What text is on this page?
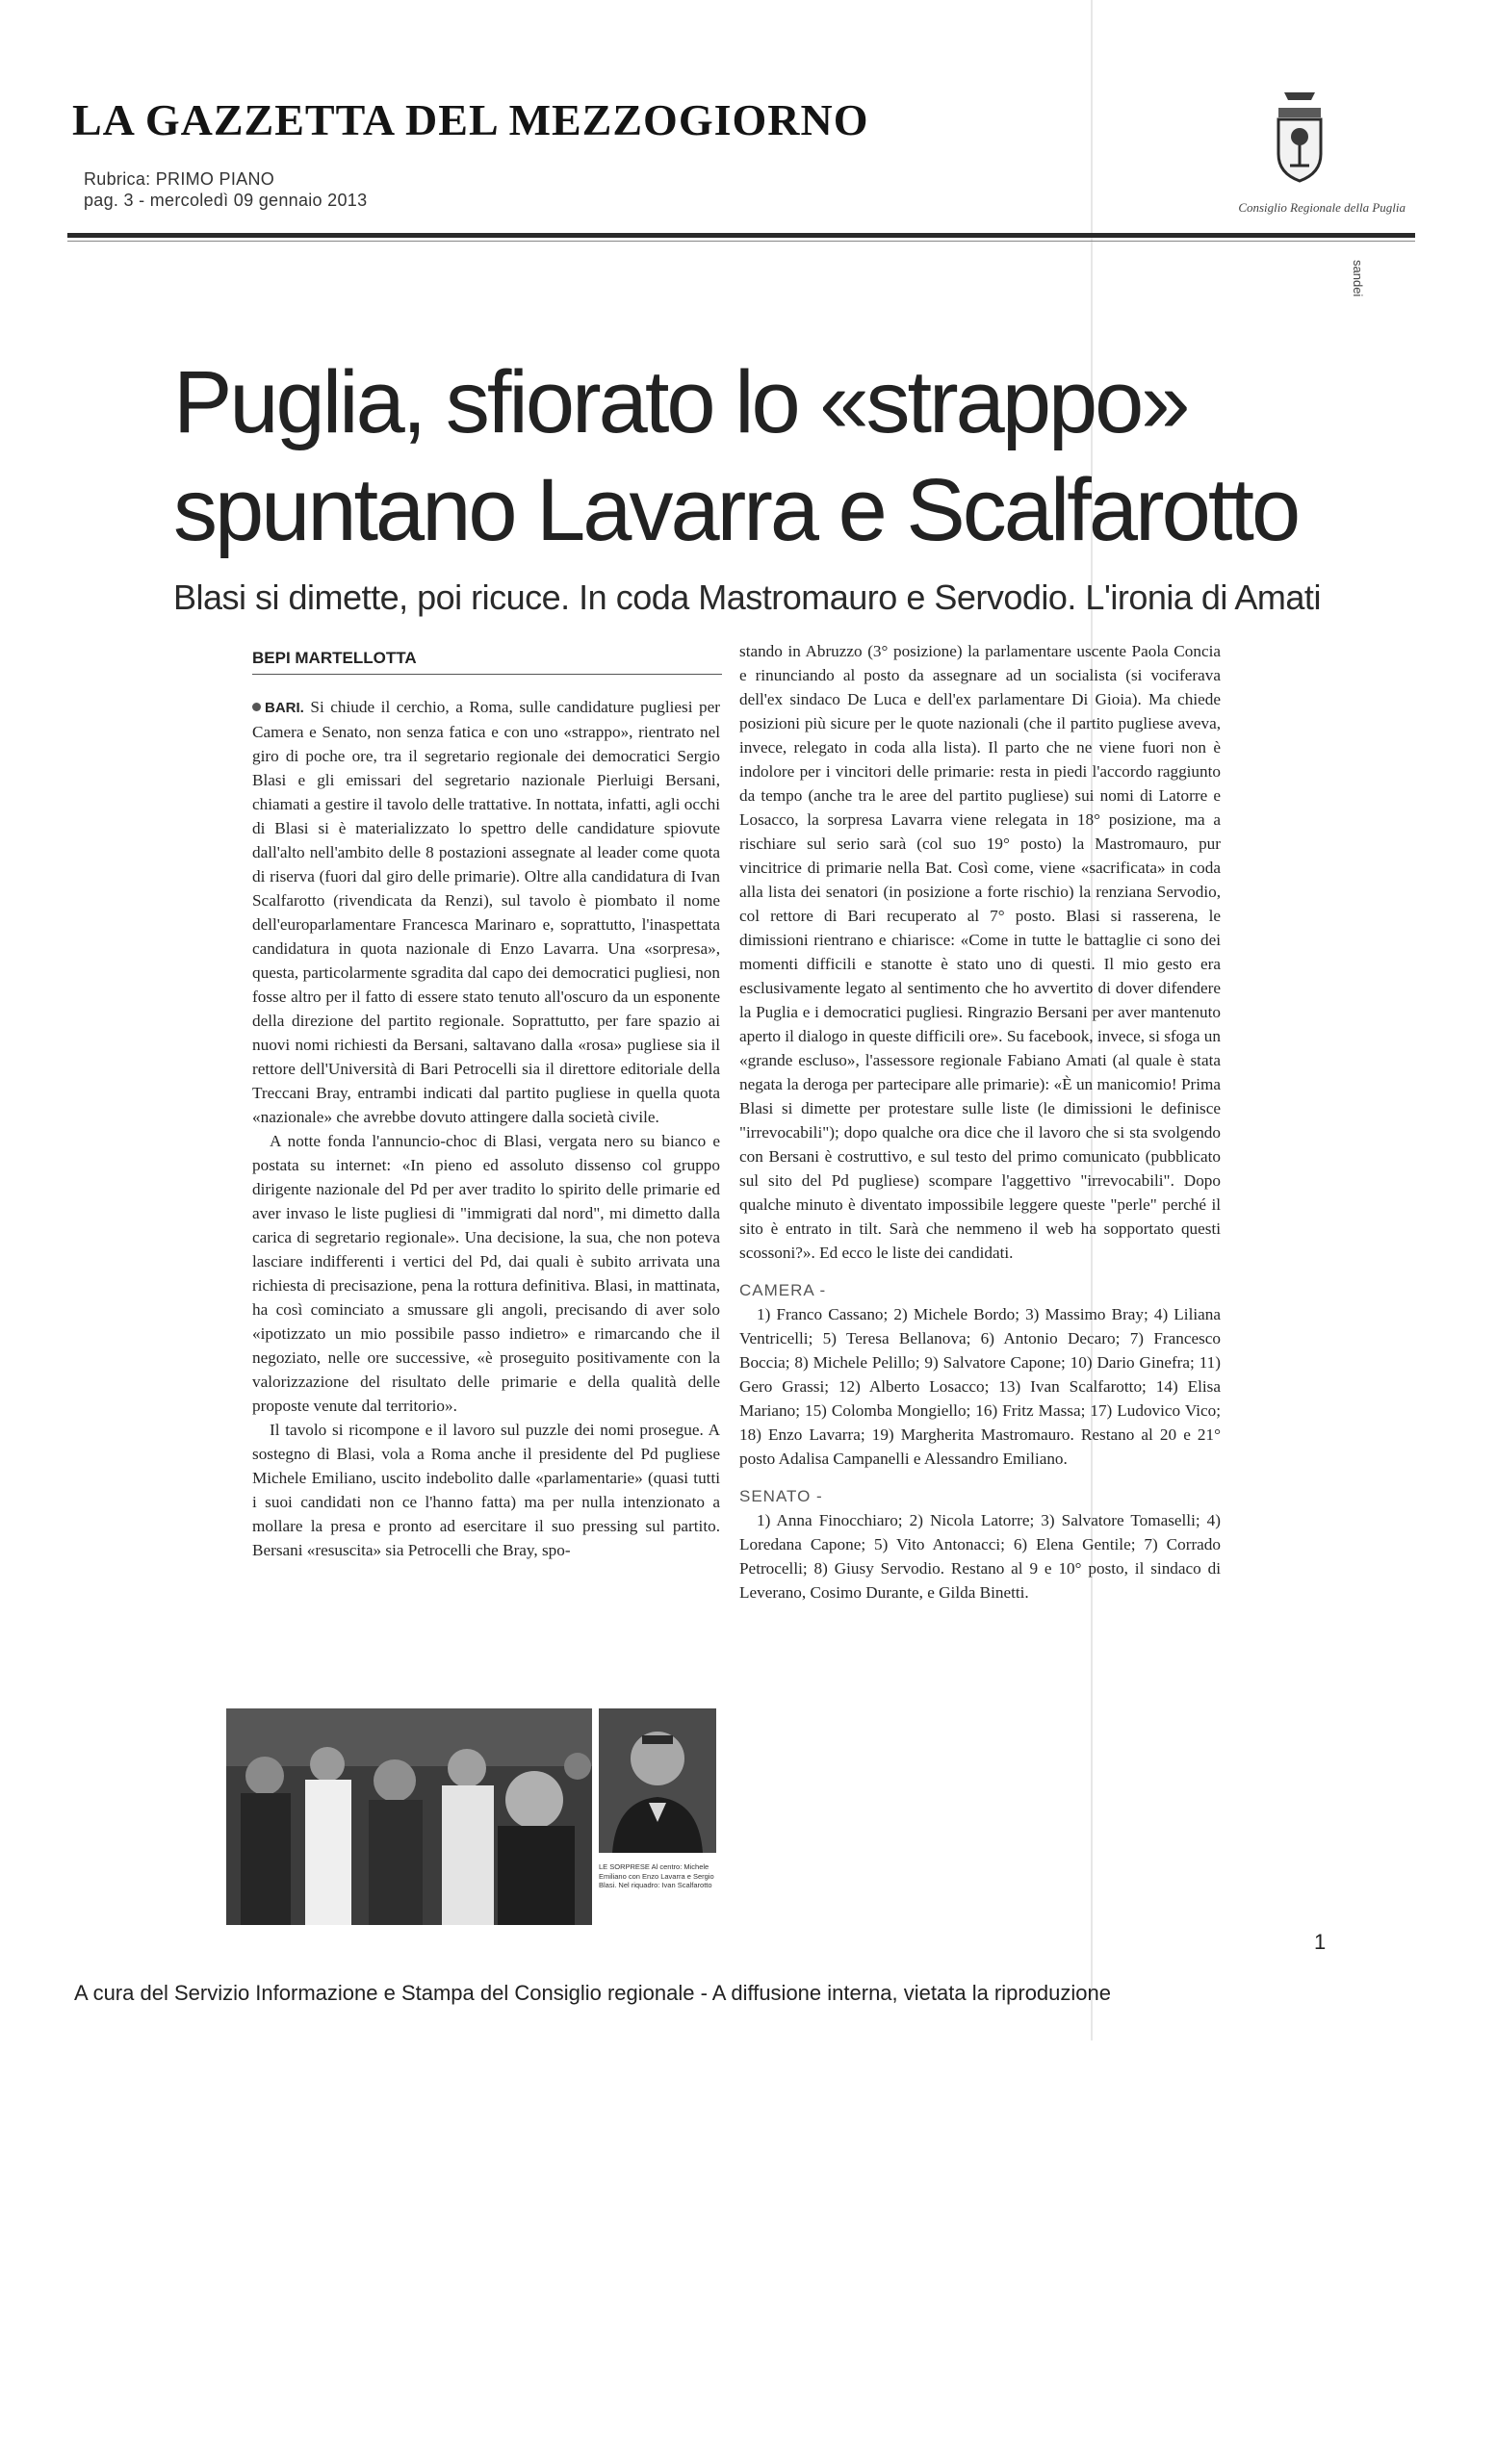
LA GAZZETTA DEL MEZZOGIORNO
Rubrica: PRIMO PIANO
pag. 3 - mercoledì 09 gennaio 2013	Consiglio Regionale della Puglia
sandei
Puglia, sfiorato lo «strappo»
spuntano Lavarra e Scalfarotto
Blasi si dimette, poi ricuce. In coda Mastromauro e Servodio. L'ironia di Amati
BEPI MARTELLOTTA

BARI. Si chiude il cerchio, a Roma, sulle candidature pugliesi per Camera e Senato, non senza fatica e con uno «strappo», rientrato nel giro di poche ore, tra il segretario regionale dei democratici Sergio Blasi e gli emissari del segretario nazionale Pierluigi Bersani, chiamati a gestire il tavolo delle trattative. In nottata, infatti, agli occhi di Blasi si è materializzato lo spettro delle candidature spiovute dall'alto nell'ambito delle 8 postazioni assegnate al leader come quota di riserva (fuori dal giro delle primarie). Oltre alla candidatura di Ivan Scalfarotto (rivendicata da Renzi), sul tavolo è piombato il nome dell'europarlamentare Francesca Marinaro e, soprattutto, l'inaspettata candidatura in quota nazionale di Enzo Lavarra. Una «sorpresa», questa, particolarmente sgradita dal capo dei democratici pugliesi, non fosse altro per il fatto di essere stato tenuto all'oscuro da un esponente della direzione del partito regionale. Soprattutto, per fare spazio ai nuovi nomi richiesti da Bersani, saltavano dalla «rosa» pugliese sia il rettore dell'Università di Bari Petrocelli sia il direttore editoriale della Treccani Bray, entrambi indicati dal partito pugliese in quella quota «nazionale» che avrebbe dovuto attingere dalla società civile.

A notte fonda l'annuncio-choc di Blasi, vergata nero su bianco e postata su internet: «In pieno ed assoluto dissenso col gruppo dirigente nazionale del Pd per aver tradito lo spirito delle primarie ed aver invaso le liste pugliesi di "immigrati dal nord", mi dimetto dalla carica di segretario regionale». Una decisione, la sua, che non poteva lasciare indifferenti i vertici del Pd, dai quali è subito arrivata una richiesta di precisazione, pena la rottura definitiva. Blasi, in mattinata, ha così cominciato a smussare gli angoli, precisando di aver solo «ipotizzato un mio possibile passo indietro» e rimarcando che il negoziato, nelle ore successive, «è proseguito positivamente con la valorizzazione del risultato delle primarie e della qualità delle proposte venute dal territorio».

Il tavolo si ricompone e il lavoro sul puzzle dei nomi prosegue. A sostegno di Blasi, vola a Roma anche il presidente del Pd pugliese Michele Emiliano, uscito indebolito dalle «parlamentarie» (quasi tutti i suoi candidati non ce l'hanno fatta) ma per nulla intenzionato a mollare la presa e pronto ad esercitare il suo pressing sul partito. Bersani «resuscita» sia Petrocelli che Bray, spo-

stando in Abruzzo (3° posizione) la parlamentare uscente Paola Concia e rinunciando al posto da assegnare ad un socialista (si vociferava dell'ex sindaco De Luca e dell'ex parlamentare Di Gioia). Ma chiede posizioni più sicure per le quote nazionali (che il partito pugliese aveva, invece, relegato in coda alla lista). Il parto che ne viene fuori non è indolore per i vincitori delle primarie: resta in piedi l'accordo raggiunto da tempo (anche tra le aree del partito pugliese) sui nomi di Latorre e Losacco, la sorpresa Lavarra viene relegata in 18° posizione, ma a rischiare sul serio sarà (col suo 19° posto) la Mastromauro, pur vincitrice di primarie nella Bat. Così come, viene «sacrificata» in coda alla lista dei senatori (in posizione a forte rischio) la renziana Servodio, col rettore di Bari recuperato al 7° posto. Blasi si rasserena, le dimissioni rientrano e chiarisce: «Come in tutte le battaglie ci sono dei momenti difficili e stanotte è stato uno di questi. Il mio gesto era esclusivamente legato al sentimento che ho avvertito di dover difendere la Puglia e i democratici pugliesi. Ringrazio Bersani per aver mantenuto aperto il dialogo in queste difficili ore». Su facebook, invece, si sfoga un «grande escluso», l'assessore regionale Fabiano Amati (al quale è stata negata la deroga per partecipare alle primarie): «È un manicomio! Prima Blasi si dimette per protestare sulle liste (le dimissioni le definisce "irrevocabili"); dopo qualche ora dice che il lavoro che si sta svolgendo con Bersani è costruttivo, e sul testo del primo comunicato (pubblicato sul sito del Pd pugliese) scompare l'aggettivo "irrevocabili". Dopo qualche minuto è diventato impossibile leggere queste "perle" perché il sito è entrato in tilt. Sarà che nemmeno il web ha sopportato questi scossoni?». Ed ecco le liste dei candidati.

CAMERA -

1) Franco Cassano; 2) Michele Bordo; 3) Massimo Bray; 4) Liliana Ventricelli; 5) Teresa Bellanova; 6) Antonio Decaro; 7) Francesco Boccia; 8) Michele Pelillo; 9) Salvatore Capone; 10) Dario Ginefra; 11) Gero Grassi; 12) Alberto Losacco; 13) Ivan Scalfarotto; 14) Elisa Mariano; 15) Colomba Mongiello; 16) Fritz Massa; 17) Ludovico Vico; 18) Enzo Lavarra; 19) Margherita Mastromauro. Restano al 20 e 21° posto Adalisa Campanelli e Alessandro Emiliano.

SENATO -

1) Anna Finocchiaro; 2) Nicola Latorre; 3) Salvatore Tomaselli; 4) Loredana Capone; 5) Vito Antonacci; 6) Elena Gentile; 7) Corrado Petrocelli; 8) Giusy Servodio. Restano al 9 e 10° posto, il sindaco di Leverano, Cosimo Durante, e Gilda Binetti.

LE SORPRESE Al centro: Michele Emiliano con Enzo Lavarra e Sergio Blasi. Nel riquadro: Ivan Scalfarotto
1
A cura del Servizio Informazione e Stampa del Consiglio regionale - A diffusione interna, vietata la riproduzione
